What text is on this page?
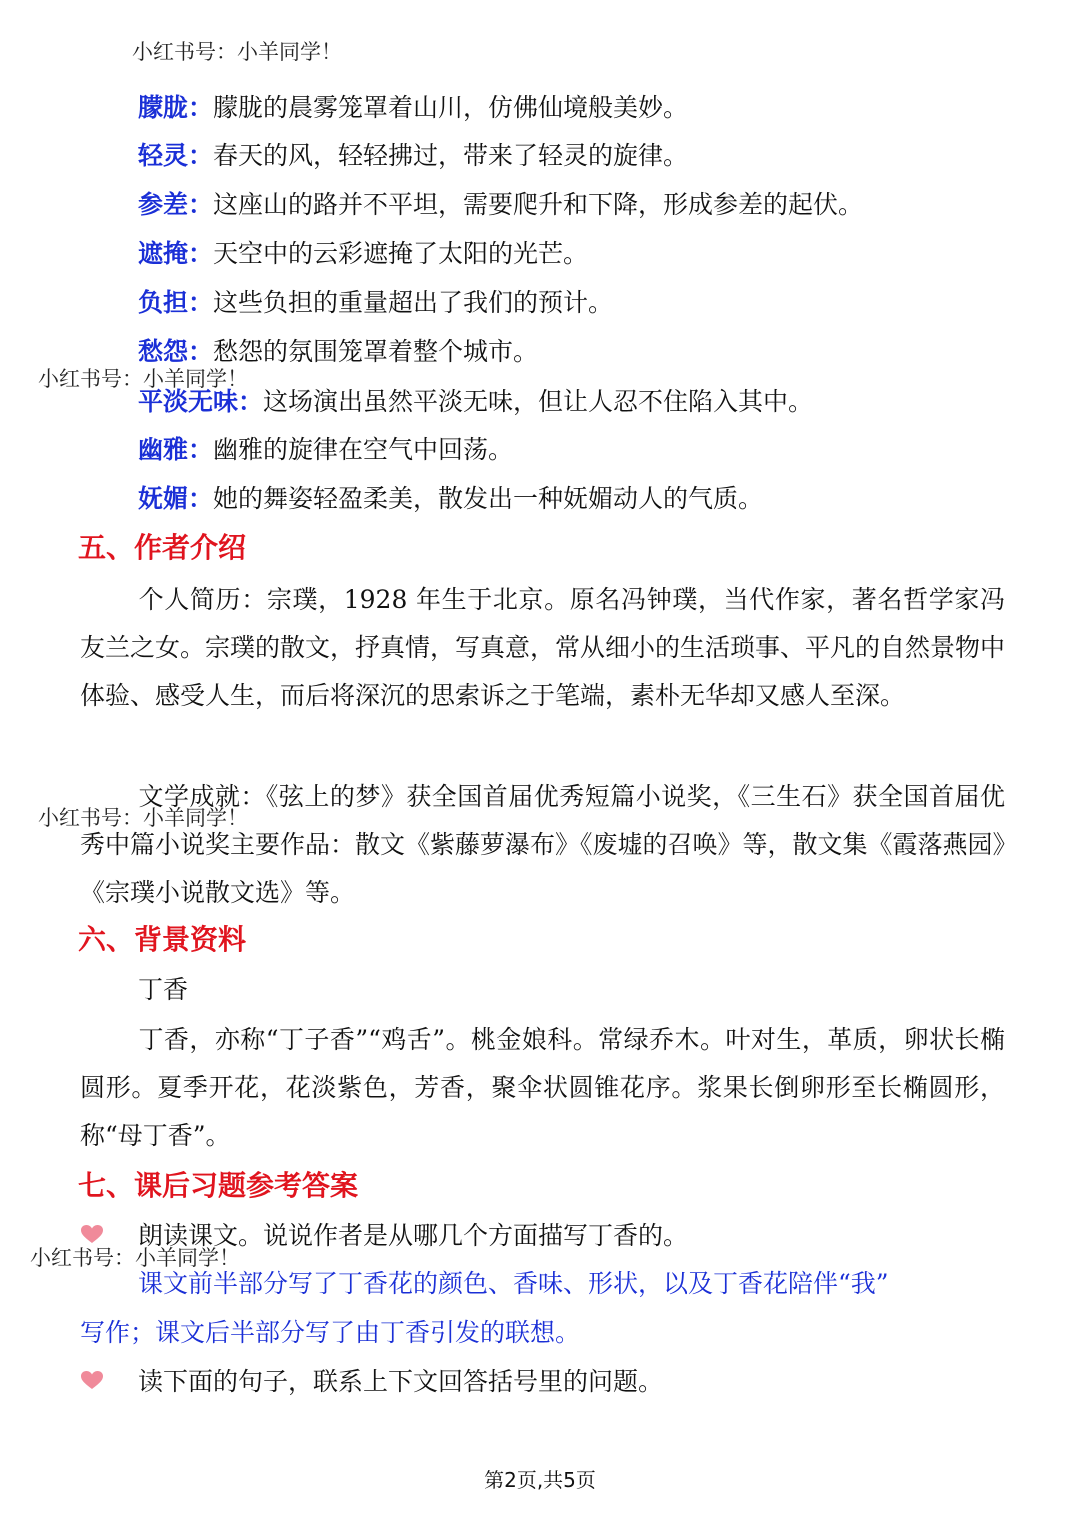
小红书号：小羊同学！
小红书号：小羊同学！
小红书号：小羊同学！
小红书号：小羊同学！
朦胧：朦胧的晨雾笼罩着山川，仿佛仙境般美妙。
轻灵：春天的风，轻轻拂过，带来了轻灵的旋律。
参差：这座山的路并不平坦，需要爬升和下降，形成参差的起伏。
遮掩：天空中的云彩遮掩了太阳的光芒。
负担：这些负担的重量超出了我们的预计。
愁怨：愁怨的氛围笼罩着整个城市。
平淡无味：这场演出虽然平淡无味，但让人忍不住陷入其中。
幽雅：幽雅的旋律在空气中回荡。
妩媚：她的舞姿轻盈柔美，散发出一种妩媚动人的气质。
五、作者介绍
个人简历：宗璞，1928 年生于北京。原名冯钟璞，当代作家，著名哲学家冯友兰之女。宗璞的散文，抒真情，写真意，常从细小的生活琐事、平凡的自然景物中体验、感受人生，而后将深沉的思索诉之于笔端，素朴无华却又感人至深。
文学成就：《弦上的梦》获全国首届优秀短篇小说奖，《三生石》获全国首届优秀中篇小说奖主要作品：散文《紫藤萝瀑布》《废墟的召唤》等，散文集《霞落燕园》《宗璞小说散文选》等。
六、背景资料
丁香
丁香，亦称“丁子香”“鸡舌”。桃金娘科。常绿乔木。叶对生，革质，卵状长椭圆形。夏季开花，花淡紫色，芳香，聚伞状圆锥花序。浆果长倒卵形至长椭圆形，称“母丁香”。
七、课后习题参考答案
朗读课文。说说作者是从哪几个方面描写丁香的。
课文前半部分写了丁香花的颜色、香味、形状，以及丁香花陪伴“我”
写作；课文后半部分写了由丁香引发的联想。
读下面的句子，联系上下文回答括号里的问题。
第2页,共5页
